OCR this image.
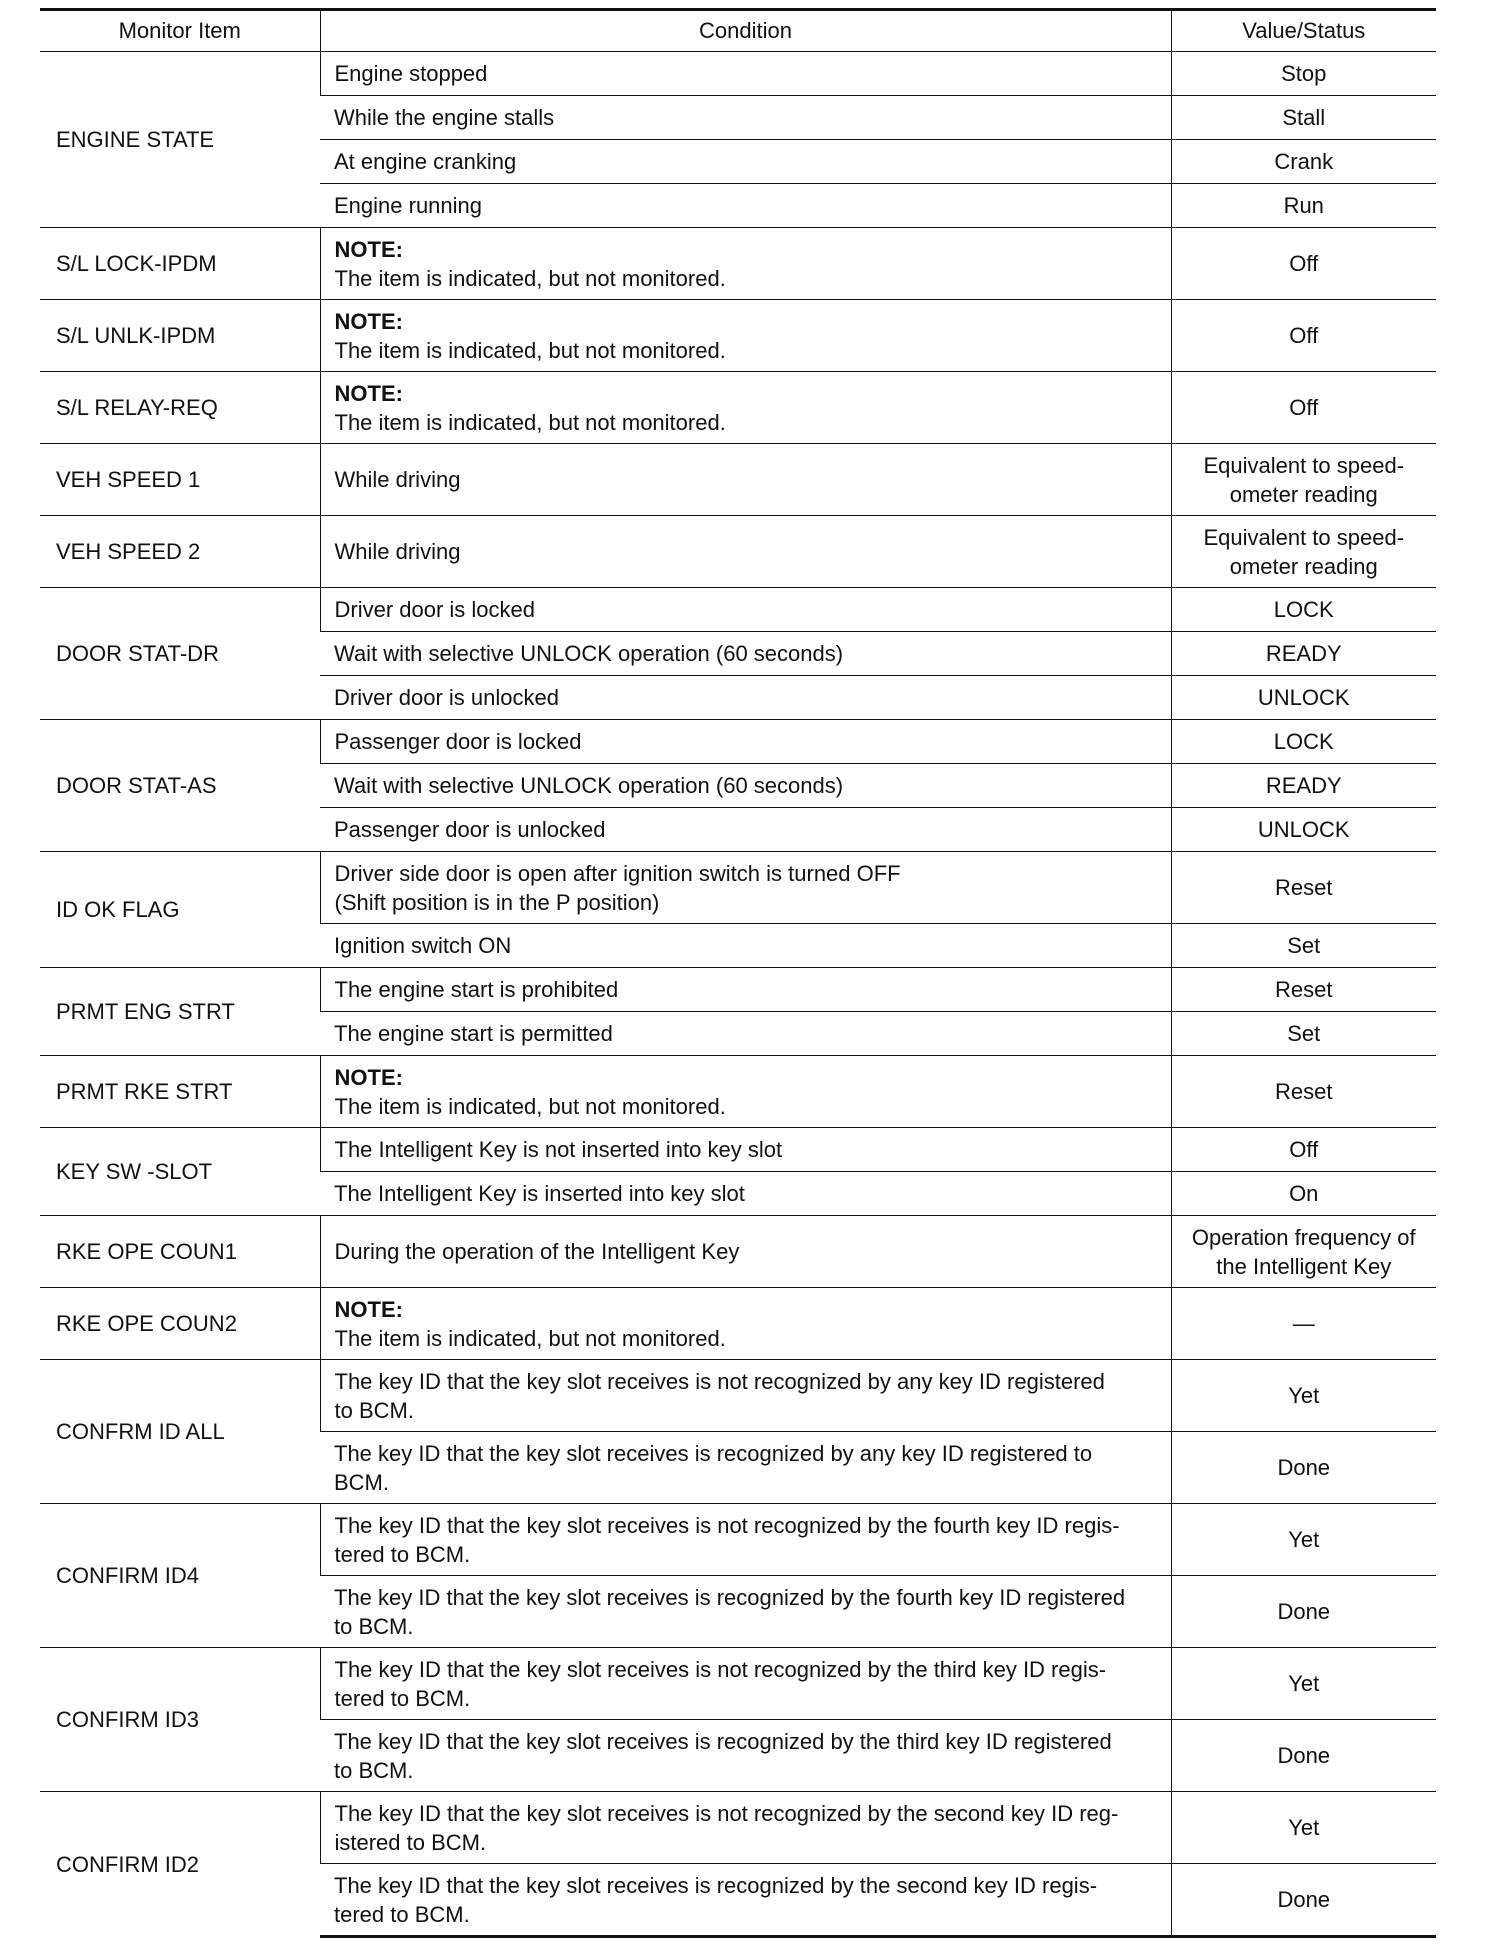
Monitor Item	Condition	Value/Status
ENGINE STATE	Engine stopped	Stop
	While the engine stalls	Stall
	At engine cranking	Crank
	Engine running	Run
S/L LOCK-IPDM	NOTE:
The item is indicated, but not monitored.	Off
S/L UNLK-IPDM	NOTE:
The item is indicated, but not monitored.	Off
S/L RELAY-REQ	NOTE:
The item is indicated, but not monitored.	Off
VEH SPEED 1	While driving	Equivalent to speed-
ometer reading

VEH SPEED 2	While driving	Equivalent to speed-
ometer reading

DOOR STAT-DR	Driver door is locked	LOCK
	Wait with selective UNLOCK operation (60 seconds)	READY
	Driver door is unlocked	UNLOCK
DOOR STAT-AS	Passenger door is locked	LOCK
	Wait with selective UNLOCK operation (60 seconds)	READY
	Passenger door is unlocked	UNLOCK
ID OK FLAG	Driver side door is open after ignition switch is turned OFF
(Shift position is in the P position)	Reset
	Ignition switch ON	Set
PRMT ENG STRT	The engine start is prohibited	Reset
	The engine start is permitted	Set
PRMT RKE STRT	NOTE:
The item is indicated, but not monitored.	Reset
KEY SW -SLOT	The Intelligent Key is not inserted into key slot	Off
	The Intelligent Key is inserted into key slot	On
RKE OPE COUN1	During the operation of the Intelligent Key	Operation frequency of
the Intelligent Key

RKE OPE COUN2	NOTE:
The item is indicated, but not monitored.	—
CONFRM ID ALL	The key ID that the key slot receives is not recognized by any key ID registered
to BCM.	Yet

	The key ID that the key slot receives is recognized by any key ID registered to
BCM.	Done
CONFIRM ID4	The key ID that the key slot receives is not recognized by the fourth key ID regis-
tered to BCM.	Yet

	The key ID that the key slot receives is recognized by the fourth key ID registered
to BCM.	Done
CONFIRM ID3	The key ID that the key slot receives is not recognized by the third key ID regis-
tered to BCM.	Yet

	The key ID that the key slot receives is recognized by the third key ID registered
to BCM.	Done
CONFIRM ID2	The key ID that the key slot receives is not recognized by the second key ID reg-
istered to BCM.	Yet

	The key ID that the key slot receives is recognized by the second key ID regis-
tered to BCM.	Done
